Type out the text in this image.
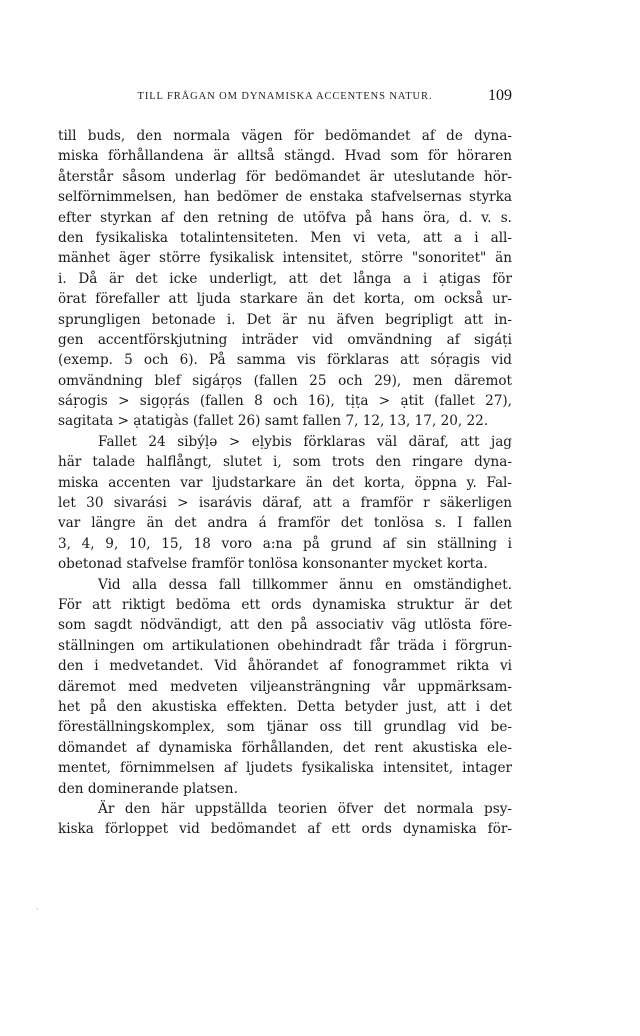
TILL FRÅGAN OM DYNAMISKA ACCENTENS NATUR.	109
till buds, den normala vägen för bedömandet af de dyna-
miska förhållandena är alltså stängd. Hvad som för höraren
återstår såsom underlag för bedömandet är uteslutande hör-
selförnimmelsen, han bedömer de enstaka stafvelsernas styrka
efter styrkan af den retning de utöfva på hans öra, d. v. s.
den fysikaliska totalintensiteten. Men vi veta, att a i all-
mänhet äger större fysikalisk intensitet, större "sonoritet" än
i. Då är det icke underligt, att det långa a i ạtigas för
örat förefaller att ljuda starkare än det korta, om också ur-
sprungligen betonade i. Det är nu äfven begripligt att in-
gen accentförskjutning inträder vid omvändning af sigáṭi
(exemp. 5 och 6). På samma vis förklaras att sóṛagis vid
omvändning blef sigáṛọs (fallen 25 och 29), men däremot
sáṛogis > sigọṛás (fallen 8 och 16), tịṭa > ạtit (fallet 27),
sagitata > ạtatigàs (fallet 26) samt fallen 7, 12, 13, 17, 20, 22.
Fallet 24 sibýḷə > eḷybis förklaras väl däraf, att jag
här talade halflångt, slutet i, som trots den ringare dyna-
miska accenten var ljudstarkare än det korta, öppna y. Fal-
let 30 sivarási > isarávis däraf, att a framför r säkerligen
var längre än det andra á framför det tonlösa s. I fallen
3, 4, 9, 10, 15, 18 voro a:na på grund af sin ställning i
obetonad stafvelse framför tonlösa konsonanter mycket korta.
Vid alla dessa fall tillkommer ännu en omständighet.
För att riktigt bedöma ett ords dynamiska struktur är det
som sagdt nödvändigt, att den på associativ väg utlösta före-
ställningen om artikulationen obehindradt får träda i förgrun-
den i medvetandet. Vid åhörandet af fonogrammet rikta vi
däremot med medveten viljeansträngning vår uppmärksam-
het på den akustiska effekten. Detta betyder just, att i det
föreställningskomplex, som tjänar oss till grundlag vid be-
dömandet af dynamiska förhållanden, det rent akustiska ele-
mentet, förnimmelsen af ljudets fysikaliska intensitet, intager
den dominerande platsen.
Är den här uppställda teorien öfver det normala psy-
kiska förloppet vid bedömandet af ett ords dynamiska för-
·
